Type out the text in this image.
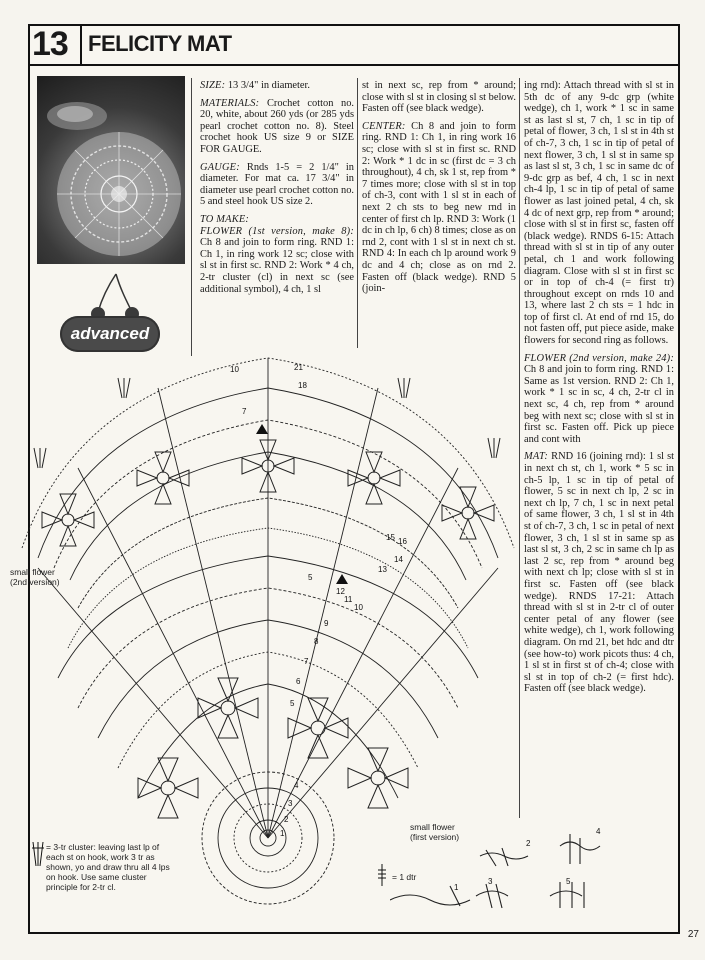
13 FELICITY MAT
advanced

SIZE: 13 3/4" in diameter.

MATERIALS: Crochet cotton no. 20, white, about 260 yds (or 285 yds pearl crochet cotton no. 8). Steel crochet hook US size 9 or SIZE FOR GAUGE.

GAUGE: Rnds 1-5 = 2 1/4" in diameter. For mat ca. 17 3/4" in diameter use pearl crochet cotton no. 5 and steel hook US size 2.

TO MAKE:
FLOWER (1st version, make 8): Ch 8 and join to form ring. RND 1: Ch 1, in ring work 12 sc; close with sl st in first sc. RND 2: Work * 4 ch, 2-tr cluster (cl) in next sc (see additional symbol), 4 ch, 1 sl

st in next sc, rep from * around; close with sl st in closing sl st below. Fasten off (see black wedge).

CENTER: Ch 8 and join to form ring. RND 1: Ch 1, in ring work 16 sc; close with sl st in first sc. RND 2: Work * 1 dc in sc (first dc = 3 ch throughout), 4 ch, sk 1 st, rep from * 7 times more; close with sl st in top of ch-3, cont with 1 sl st in each of next 2 ch sts to beg new rnd in center of first ch lp. RND 3: Work (1 dc in ch lp, 6 ch) 8 times; close as on rnd 2, cont with 1 sl st in next ch st. RND 4: In each ch lp around work 9 dc and 4 ch; close as on rnd 2. Fasten off (black wedge). RND 5 (join-

ing rnd): Attach thread with sl st in 5th dc of any 9-dc grp (white wedge), ch 1, work * 1 sc in same st as last sl st, 7 ch, 1 sc in tip of petal of flower, 3 ch, 1 sl st in 4th st of ch-7, 3 ch, 1 sc in tip of petal of next flower, 3 ch, 1 sl st in same sp as last sl st, 3 ch, 1 sc in same dc of 9-dc grp as bef, 4 ch, 1 sc in next ch-4 lp, 1 sc in tip of petal of same flower as last joined petal, 4 ch, sk 4 dc of next grp, rep from * around; close with sl st in first sc, fasten off (black wedge). RNDS 6-15: Attach thread with sl st in tip of any outer petal, ch 1 and work following diagram. Close with sl st in first sc or in top of ch-4 (= first tr) throughout except on rnds 10 and 13, where last 2 ch sts = 1 hdc in top of first cl. At end of rnd 15, do not fasten off, put piece aside, make flowers for second ring as follows.

FLOWER (2nd version, make 24): Ch 8 and join to form ring. RND 1: Same as 1st version. RND 2: Ch 1, work * 1 sc in sc, 4 ch, 2-tr cl in next sc, 4 ch, rep from * around beg with next sc; close with sl st in first sc. Fasten off. Pick up piece and cont with

MAT: RND 16 (joining rnd): 1 sl st in next ch st, ch 1, work * 5 sc in ch-5 lp, 1 sc in tip of petal of flower, 5 sc in next ch lp, 2 sc in next ch lp, 7 ch, 1 sc in next petal of same flower, 3 ch, 1 sl st in 4th st of ch-7, 3 ch, 1 sc in petal of next flower, 3 ch, 1 sl st in same sp as last sl st, 3 ch, 2 sc in same ch lp as last 2 sc, rep from * around beg with next ch lp; close with sl st in first sc. Fasten off (see black wedge). RNDS 17-21: Attach thread with sl st in 2-tr cl of outer center petal of any flower (see white wedge), ch 1, work following diagram. On rnd 21, bet hdc and dtr (see how-to) work picots thus: 4 ch, 1 sl st in first st of ch-4; close with sl st in top of ch-2 (= first hdc). Fasten off (see black wedge).

10	21
7
18
15 16
14
13
5
12
11
10
9
8
7
6
5
4
3
2
1
small flower
(2nd version)
small flower
(first version)
= 3-tr cluster: leaving last lp of each st on hook, work 3 tr as shown, yo and draw thru all 4 lps on hook. Use same cluster principle for 2-tr cl.
= 1 dtr
1
2
3
4
5
27
